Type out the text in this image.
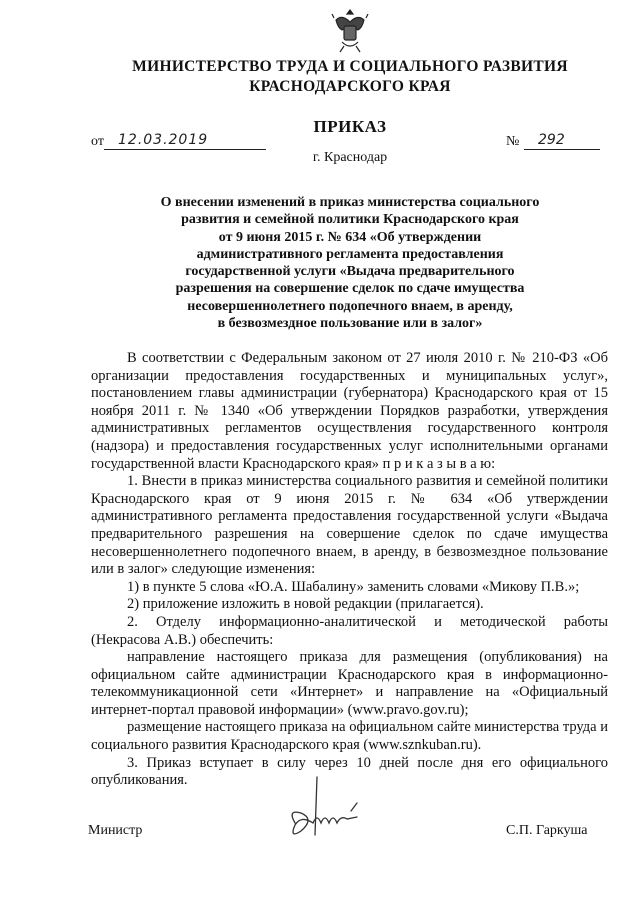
МИНИСТЕРСТВО ТРУДА И СОЦИАЛЬНОГО РАЗВИТИЯ
КРАСНОДАРСКОГО КРАЯ
ПРИКАЗ
от 12.03.2019	№ 292
г. Краснодар
О внесении изменений в приказ министерства социального
развития и семейной политики Краснодарского края
от 9 июня 2015 г. № 634 «Об утверждении
административного регламента предоставления
государственной услуги «Выдача предварительного
разрешения на совершение сделок по сдаче имущества
несовершеннолетнего подопечного внаем, в аренду,
в безвозмездное пользование или в залог»

В соответствии с Федеральным законом от 27 июля 2010 г. № 210-ФЗ «Об организации предоставления государственных и муниципальных услуг», постановлением главы администрации (губернатора) Краснодарского края от 15 ноября 2011 г. № 1340 «Об утверждении Порядков разработки, утверждения административных регламентов осуществления государственного контроля (надзора) и предоставления государственных услуг исполнительными органами государственной власти Краснодарского края» п р и к а з ы в а ю:

1. Внести в приказ министерства социального развития и семейной политики Краснодарского края от 9 июня 2015 г. № 634 «Об утверждении административного регламента предоставления государственной услуги «Выдача предварительного разрешения на совершение сделок по сдаче имущества несовершеннолетнего подопечного внаем, в аренду, в безвозмездное пользование или в залог» следующие изменения:

1) в пункте 5 слова «Ю.А. Шабалину» заменить словами «Микову П.В.»;

2) приложение изложить в новой редакции (прилагается).

2. Отделу информационно-аналитической и методической работы (Некрасова А.В.) обеспечить:

направление настоящего приказа для размещения (опубликования) на официальном сайте администрации Краснодарского края в информационно-телекоммуникационной сети «Интернет» и направление на «Официальный интернет-портал правовой информации» (www.pravo.gov.ru);

размещение настоящего приказа на официальном сайте министерства труда и социального развития Краснодарского края (www.sznkuban.ru).

3. Приказ вступает в силу через 10 дней после дня его официального опубликования.

Министр	С.П. Гаркуша
